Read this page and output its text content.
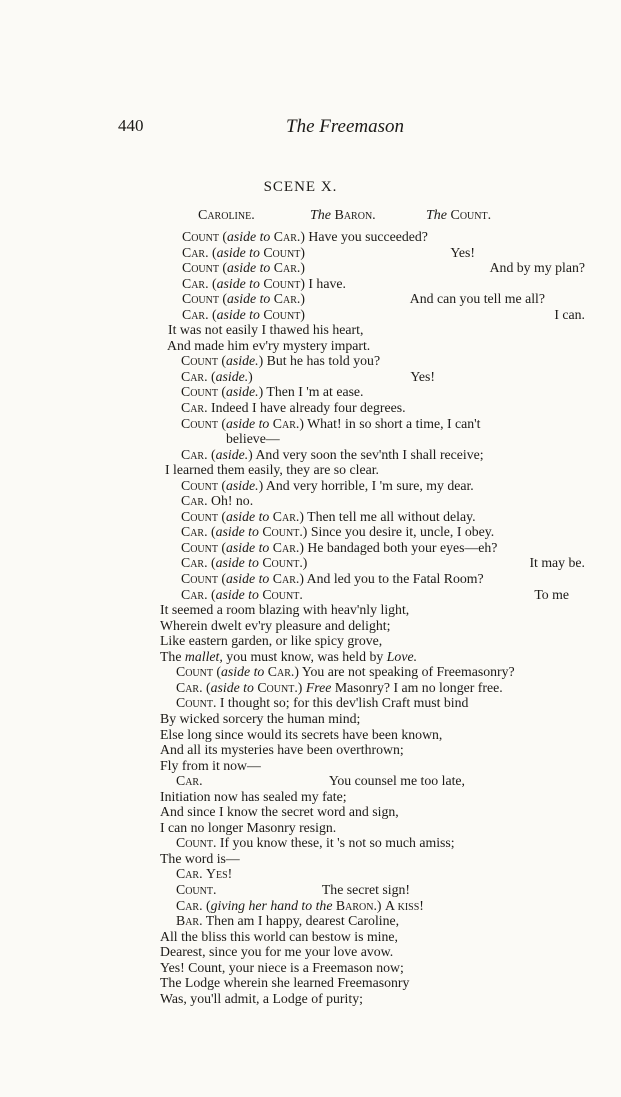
440	The Freemason
SCENE X.
Caroline.	The Baron.	The Count.
Count (aside to Car.) Have you succeeded?
Car. (aside to Count)	Yes!
Count (aside to Car.)	And by my plan?
Car. (aside to Count) I have.
Count (aside to Car.)	And can you tell me all?
Car. (aside to Count)	I can.
It was not easily I thawed his heart,
And made him ev'ry mystery impart.
Count (aside.) But he has told you?
Car. (aside.)	Yes!
Count (aside.) Then I 'm at ease.
Car. Indeed I have already four degrees.
Count (aside to Car.) What! in so short a time, I can't
believe—
Car. (aside.) And very soon the sev'nth I shall receive;
I learned them easily, they are so clear.
Count (aside.) And very horrible, I 'm sure, my dear.
Car. Oh! no.
Count (aside to Car.) Then tell me all without delay.
Car. (aside to Count.) Since you desire it, uncle, I obey.
Count (aside to Car.) He bandaged both your eyes—eh?
Car. (aside to Count.)	It may be.
Count (aside to Car.) And led you to the Fatal Room?
Car. (aside to Count.	To me
It seemed a room blazing with heav'nly light,
Wherein dwelt ev'ry pleasure and delight;
Like eastern garden, or like spicy grove,
The mallet, you must know, was held by Love.
Count (aside to Car.) You are not speaking of Freemasonry?
Car. (aside to Count.) Free Masonry? I am no longer free.
Count. I thought so; for this dev'lish Craft must bind
By wicked sorcery the human mind;
Else long since would its secrets have been known,
And all its mysteries have been overthrown;
Fly from it now—
Car.	You counsel me too late,
Initiation now has sealed my fate;
And since I know the secret word and sign,
I can no longer Masonry resign.
Count. If you know these, it 's not so much amiss;
The word is—
Car. Yes!
Count.	The secret sign!
Car. (giving her hand to the Baron.) A kiss!
Bar. Then am I happy, dearest Caroline,
All the bliss this world can bestow is mine,
Dearest, since you for me your love avow.
Yes! Count, your niece is a Freemason now;
The Lodge wherein she learned Freemasonry
Was, you'll admit, a Lodge of purity;
